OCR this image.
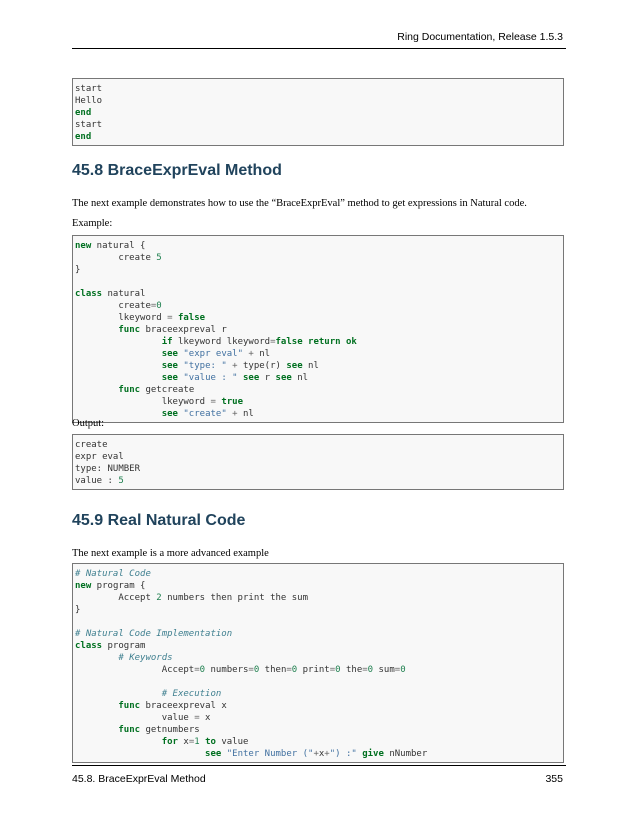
Ring Documentation, Release 1.5.3
start
Hello
end
start
end
45.8 BraceExprEval Method

The next example demonstrates how to use the “BraceExprEval” method to get expressions in Natural code.

Example:

new natural {
create 5
}
class natural
create=0
lkeyword = false
func braceexpreval r
if lkeyword lkeyword=false return ok
see "expr eval" + nl
see "type: " + type(r) see nl
see "value : " see r see nl
func getcreate
lkeyword = true
see "create" + nl

Output:

create
expr eval
type: NUMBER
value : 5
45.9 Real Natural Code

The next example is a more advanced example

# Natural Code
new program {
Accept 2 numbers then print the sum
}
# Natural Code Implementation
class program
# Keywords
Accept=0 numbers=0 then=0 print=0 the=0 sum=0
# Execution
func braceexpreval x
value = x
func getnumbers
for x=1 to value
see "Enter Number ("+x+") :" give nNumber
45.8. BraceExprEval Method	355
